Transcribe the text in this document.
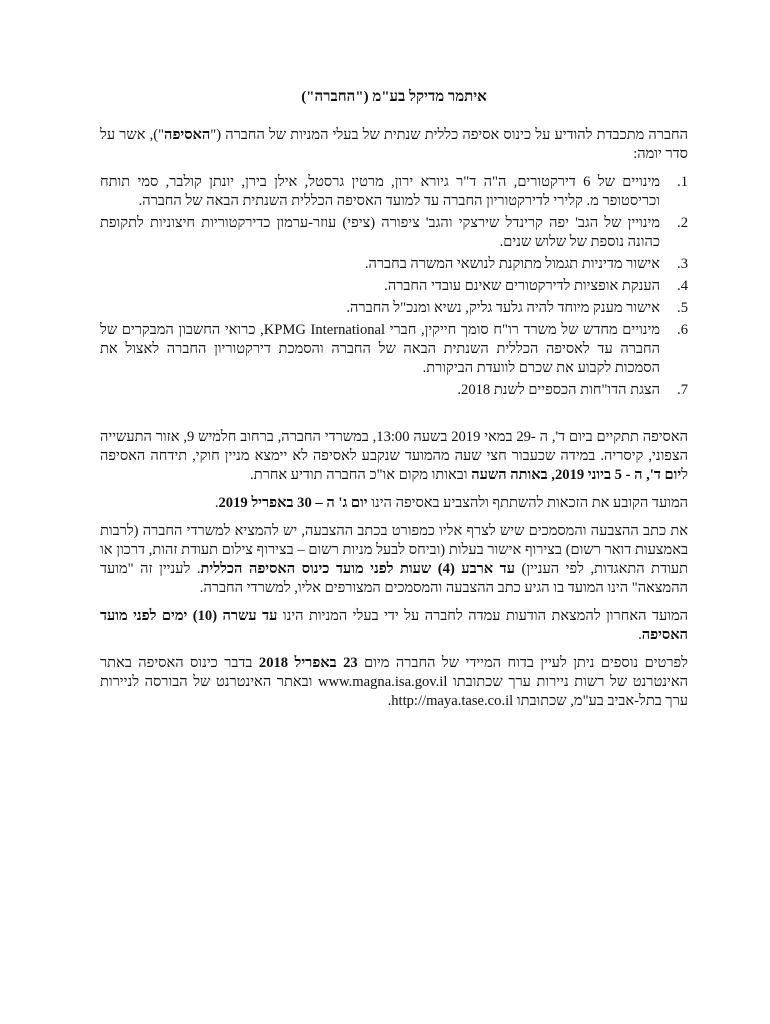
איתמר מדיקל בע"מ ("החברה")

החברה מתכבדת להודיע על כינוס אסיפה כללית שנתית של בעלי המניות של החברה ("האסיפה"), אשר על סדר יומה:

1.
מינויים של 6 דירקטורים, ה"ה ד"ר גיורא ירון, מרטין גרסטל, אילן בירן, יונתן קולבר, סמי תותח וכריסטופר מ. קלירי לדירקטוריון החברה עד למועד האסיפה הכללית השנתית הבאה של החברה.
2.
מינויין של הגב' יפה קרינדל שירצקי והגב' ציפורה (ציפי) עוזר-ערמון כדירקטוריות חיצוניות לתקופת כהונה נוספת של שלוש שנים.
3.
אישור מדיניות תגמול מתוקנת לנושאי המשרה בחברה.
4.
הענקת אופציות לדירקטורים שאינם עובדי החברה.
5.
אישור מענק מיוחד להיה גלעד גליק, נשיא ומנכ"ל החברה.
6.
מינויים מחדש של משרד רו"ח סומך חייקין, חברי KPMG International, כרואי החשבון המבקרים של החברה עד לאסיפה הכללית השנתית הבאה של החברה והסמכת דירקטוריון החברה לאצול את הסמכות לקבוע את שכרם לוועדת הביקורת.
7.
הצגת הדו"חות הכספיים לשנת 2018.

האסיפה תתקיים ביום ד', ה -29 במאי 2019 בשעה 13:00, במשרדי החברה, ברחוב חלמיש 9, אזור התעשייה הצפוני, קיסריה. במידה שכעבור חצי שעה מהמועד שנקבע לאסיפה לא יימצא מניין חוקי, תידחה האסיפה ליום ד', ה - 5 ביוני 2019, באותה השעה ובאותו מקום או"כ החברה תודיע אחרת.

המועד הקובע את הזכאות להשתתף ולהצביע באסיפה הינו יום ג' ה – 30 באפריל 2019.

את כתב ההצבעה והמסמכים שיש לצרף אליו כמפורט בכתב ההצבעה, יש להמציא למשרדי החברה (לרבות באמצעות דואר רשום) בצירוף אישור בעלות (וביחס לבעל מניות רשום – בצירוף צילום תעודת זהות, דרכון או תעודת התאגדות, לפי העניין) עד ארבע (4) שעות לפני מועד כינוס האסיפה הכללית. לעניין זה "מועד ההמצאה" הינו המועד בו הגיע כתב ההצבעה והמסמכים המצורפים אליו, למשרדי החברה.

המועד האחרון להמצאת הודעות עמדה לחברה על ידי בעלי המניות הינו עד עשרה (10) ימים לפני מועד האסיפה.

לפרטים נוספים ניתן לעיין בדוח המיידי של החברה מיום 23 באפריל 2018 בדבר כינוס האסיפה באתר האינטרנט של רשות ניירות ערך שכתובתו www.magna.isa.gov.il ובאתר האינטרנט של הבורסה לניירות ערך בתל-אביב בע"מ, שכתובתו http://maya.tase.co.il.
